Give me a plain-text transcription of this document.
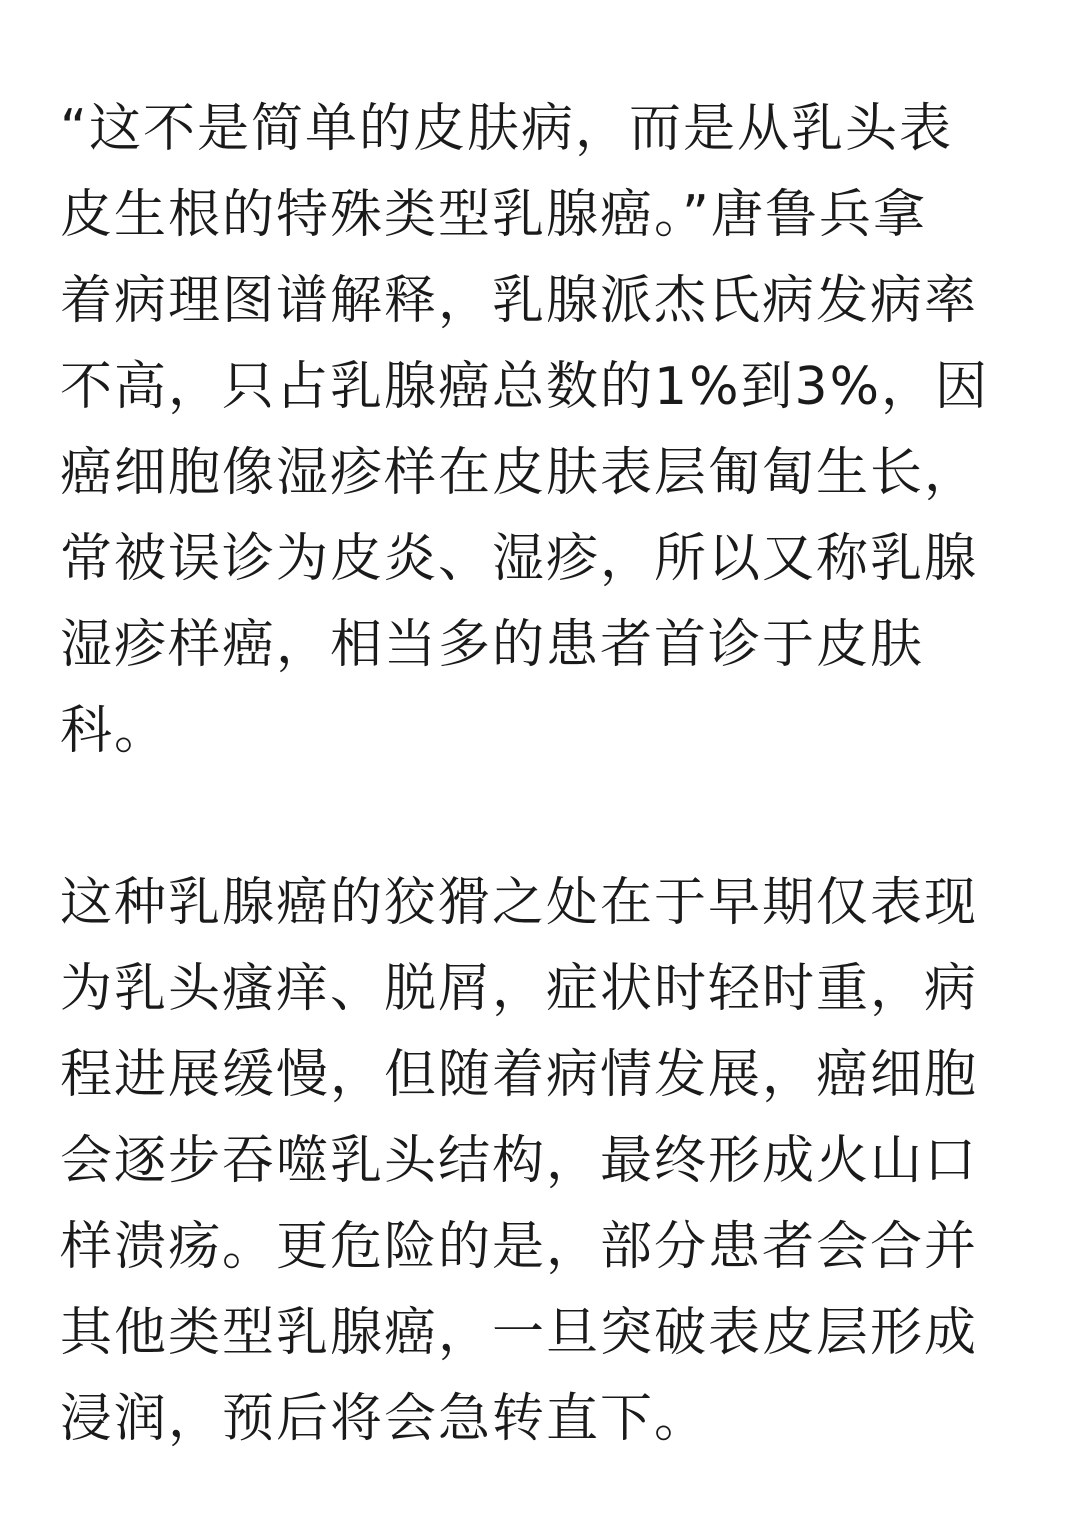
“这不是简单的皮肤病，而是从乳头表
皮生根的特殊类型乳腺癌。”唐鲁兵拿
着病理图谱解释，乳腺派杰氏病发病率
不高，只占乳腺癌总数的1%到3%，因
癌细胞像湿疹样在皮肤表层匍匐生长，
常被误诊为皮炎、湿疹，所以又称乳腺
湿疹样癌，相当多的患者首诊于皮肤
科。

这种乳腺癌的狡猾之处在于早期仅表现
为乳头瘙痒、脱屑，症状时轻时重，病
程进展缓慢，但随着病情发展，癌细胞
会逐步吞噬乳头结构，最终形成火山口
样溃疡。更危险的是，部分患者会合并
其他类型乳腺癌，一旦突破表皮层形成
浸润，预后将会急转直下。
